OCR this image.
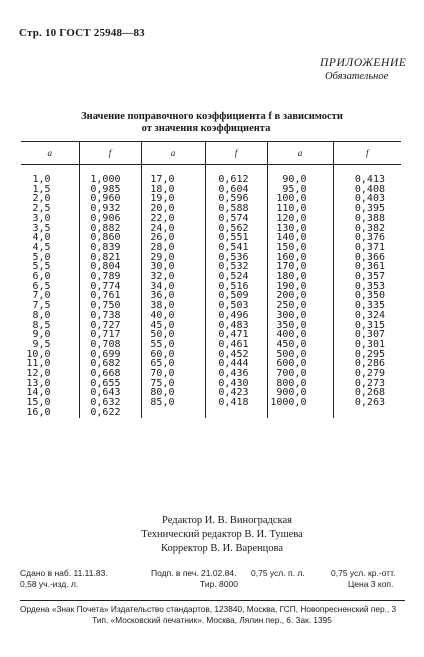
Стр. 10 ГОСТ 25948—83
ПРИЛОЖЕНИЕ
Обязательное
Значение поправочного коэффициента f в зависимости
от значения коэффициента
a	f	a	f	a	f
1,0	1,000	17,0	0,612	90,0	0,413
1,5	0,985	18,0	0,604	95,0	0,408
2,0	0,960	19,0	0,596	100,0	0,403
2,5	0,932	20,0	0,588	110,0	0,395
3,0	0,906	22,0	0,574	120,0	0,388
3,5	0,882	24,0	0,562	130,0	0,382
4,0	0,860	26,0	0,551	140,0	0,376
4,5	0,839	28,0	0,541	150,0	0,371
5,0	0,821	29,0	0,536	160,0	0,366
5,5	0,804	30,0	0,532	170,0	0,361
6,0	0,789	32,0	0,524	180,0	0,357
6,5	0,774	34,0	0,516	190,0	0,353
7,0	0,761	36,0	0,509	200,0	0,350
7,5	0,750	38,0	0,503	250,0	0,335
8,0	0,738	40,0	0,496	300,0	0,324
8,5	0,727	45,0	0,483	350,0	0,315
9,0	0,717	50,0	0,471	400,0	0,307
9,5	0,708	55,0	0,461	450,0	0,301
10,0	0,699	60,0	0,452	500,0	0,295
11,0	0,682	65,0	0,444	600,0	0,286
12,0	0,668	70,0	0,436	700,0	0,279
13,0	0,655	75,0	0,430	800,0	0,273
14,0	0,643	80,0	0,423	900,0	0,268
15,0	0,632	85,0	0,418	1000,0	0,263
16,0	0,622				
Редактор И. В. Виноградская
Технический редактор В. И. Тушева
Корректор В. И. Варенцова
Сдано в наб. 11.11.83.	Подп. в печ. 21.02.84. 0,75 усл. п. л.	0,75 усл. кр.-отт.
0,58 уч.-изд. л.	Тир. 8000	Цена 3 коп.
Ордена «Знак Почета» Издательство стандартов, 123840, Москва, ГСП, Новопресненский пер., 3
Тип. «Московский печатник». Москва, Лялин пер., 6. Зак. 1395
